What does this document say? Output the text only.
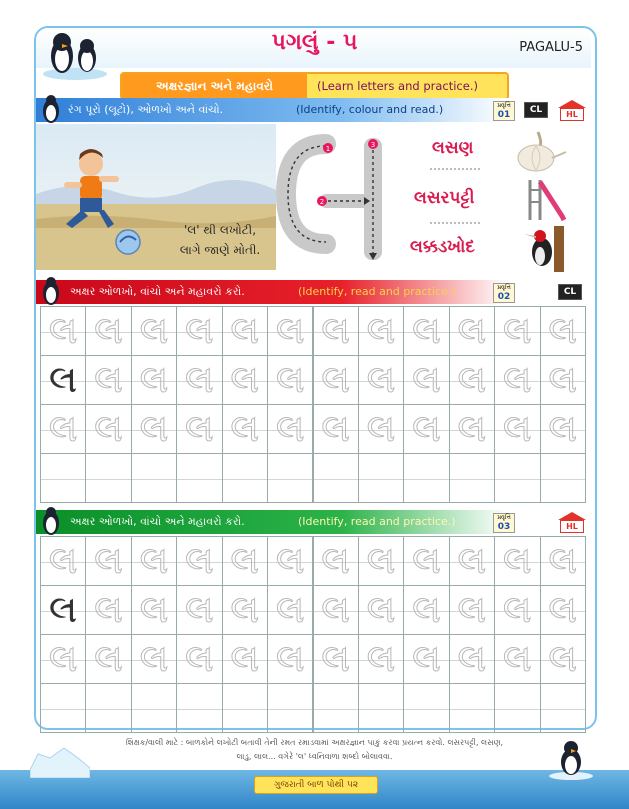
પગલું - ૫	PAGALU-5
અક્ષરજ્ઞાન અને મહાવરો	(Learn letters and practice.)
રંગ પૂરો (લૂટો), ઓળખો અને વાંચો.	(Identify, colour and read.)	પ્રવૃત્તિ
01	CL	HL
'લ' થી લખોટી,
લાગે જાણે મોતી.
1	3
2
લસણ
લસરપટ્ટી
લક્કડખોદ
અક્ષર ઓળખો, વાંચો અને મહાવરો કરો.	(Identify, read and practice.)	પ્રવૃત્તિ
02	CL
લ લ લ લ લ લ લ લ લ લ લ લ
લ લ લ લ લ લ લ લ લ લ લ લ
લ લ લ લ લ લ લ લ લ લ લ લ
અક્ષર ઓળખો, વાંચો અને મહાવરો કરો.	(Identify, read and practice.)	પ્રવૃત્તિ
03	HL
લ લ લ લ લ લ લ લ લ લ લ લ
લ લ લ લ લ લ લ લ લ લ લ લ
લ લ લ લ લ લ લ લ લ લ લ લ
શિક્ષક/વાલી માટે : બાળકોને લખોટી બતાવી તેની રમત રમાડવામાં અક્ષરજ્ઞાન પાકું કરવા પ્રયત્ન કરવો. લસરપટ્ટી, લસણ,
લાડુ, લાલ... વગેરે 'લ' ધ્વનિવાળા શબ્દો બોલાવવા.
ગુજરાતી બાળ પોથી ૫૨
